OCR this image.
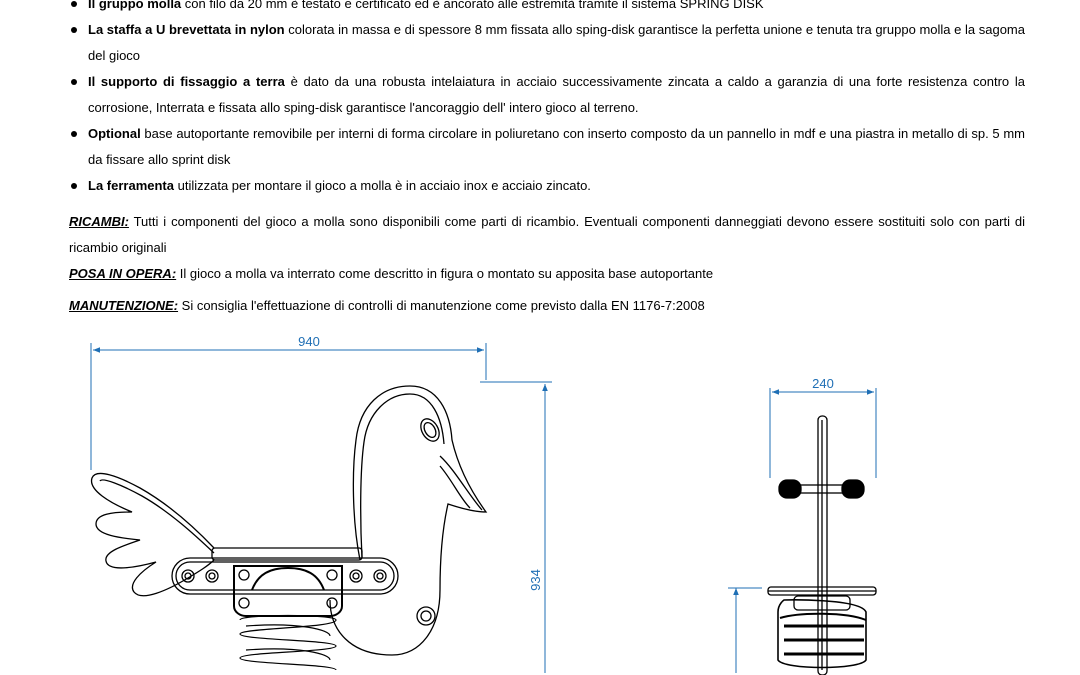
Il gruppo molla con filo da 20 mm è testato e certificato ed è ancorato alle estremità tramite il sistema SPRING DISK
La staffa a U brevettata in nylon colorata in massa e di spessore 8 mm fissata allo sping-disk garantisce la perfetta unione e tenuta tra gruppo molla e la sagoma del gioco
Il supporto di fissaggio a terra è dato da una robusta intelaiatura in acciaio successivamente zincata a caldo a garanzia di una forte resistenza contro la corrosione, Interrata e fissata allo sping-disk garantisce l'ancoraggio dell' intero gioco al terreno.
Optional base autoportante removibile per interni di forma circolare in poliuretano con inserto composto da un pannello in mdf e una piastra in metallo di sp. 5 mm da fissare allo sprint disk
La ferramenta utilizzata per montare il gioco a molla è in acciaio inox e acciaio zincato.

RICAMBI: Tutti i componenti del gioco a molla sono disponibili come parti di ricambio. Eventuali componenti danneggiati devono essere sostituiti solo con parti di ricambio originali

POSA IN OPERA: Il gioco a molla va interrato come descritto in figura o montato su apposita base autoportante

MANUTENZIONE: Si consiglia l'effettuazione di controlli di manutenzione come previsto dalla EN 1176-7:2008

940
934
240
